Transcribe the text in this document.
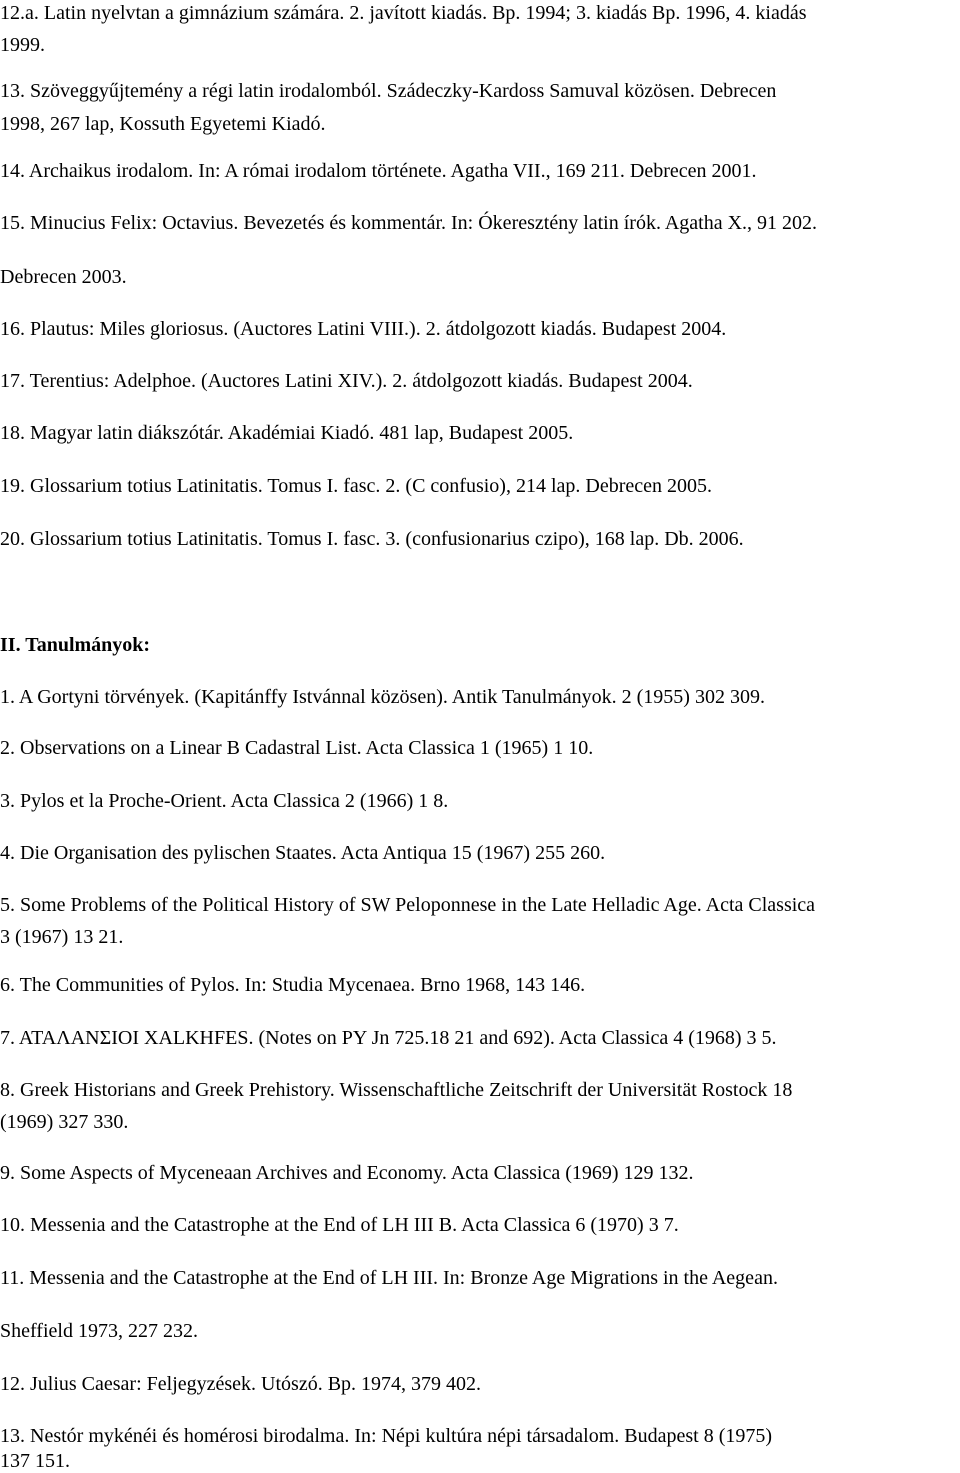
12.a. Latin nyelvtan a gimnázium számára. 2. javított kiadás. Bp. 1994; 3. kiadás Bp. 1996, 4. kiadás
1999.
13. Szöveggyűjtemény a régi latin irodalomból. Szádeczky-Kardoss Samuval közösen. Debrecen
1998, 267 lap, Kossuth Egyetemi Kiadó.
14. Archaikus irodalom. In: A római irodalom története. Agatha VII., 169 211. Debrecen 2001.
15. Minucius Felix: Octavius. Bevezetés és kommentár. In: Ókeresztény latin írók. Agatha X., 91 202.
Debrecen 2003.
16. Plautus: Miles gloriosus. (Auctores Latini VIII.). 2. átdolgozott kiadás. Budapest 2004.
17. Terentius: Adelphoe. (Auctores Latini XIV.). 2. átdolgozott kiadás. Budapest 2004.
18. Magyar latin diákszótár. Akadémiai Kiadó. 481 lap, Budapest 2005.
19. Glossarium totius Latinitatis. Tomus I. fasc. 2. (C confusio), 214 lap. Debrecen 2005.
20. Glossarium totius Latinitatis. Tomus I. fasc. 3. (confusionarius czipo), 168 lap. Db. 2006.
II. Tanulmányok:
1. A Gortyni törvények. (Kapitánffy Istvánnal közösen). Antik Tanulmányok. 2 (1955) 302 309.
2. Observations on a Linear B Cadastral List. Acta Classica 1 (1965) 1 10.
3. Pylos et la Proche-Orient. Acta Classica 2 (1966) 1 8.
4. Die Organisation des pylischen Staates. Acta Antiqua 15 (1967) 255 260.
5. Some Problems of the Political History of SW Peloponnese in the Late Helladic Age. Acta Classica
3 (1967) 13 21.
6. The Communities of Pylos. In: Studia Mycenaea. Brno 1968, 143 146.
7. ΑΤΑΛΑΝΣΙΟΙ ΧΑLΚΗFES. (Notes on PY Jn 725.18 21 and 692). Acta Classica 4 (1968) 3 5.
8. Greek Historians and Greek Prehistory. Wissenschaftliche Zeitschrift der Universität Rostock 18
(1969) 327 330.
9. Some Aspects of Myceneaan Archives and Economy. Acta Classica (1969) 129 132.
10. Messenia and the Catastrophe at the End of LH III B. Acta Classica 6 (1970) 3 7.
11. Messenia and the Catastrophe at the End of LH III. In: Bronze Age Migrations in the Aegean.
Sheffield 1973, 227 232.
12. Julius Caesar: Feljegyzések. Utószó. Bp. 1974, 379 402.
13. Nestór mykénéi és homérosi birodalma. In: Népi kultúra népi társadalom. Budapest 8 (1975)
137 151.
